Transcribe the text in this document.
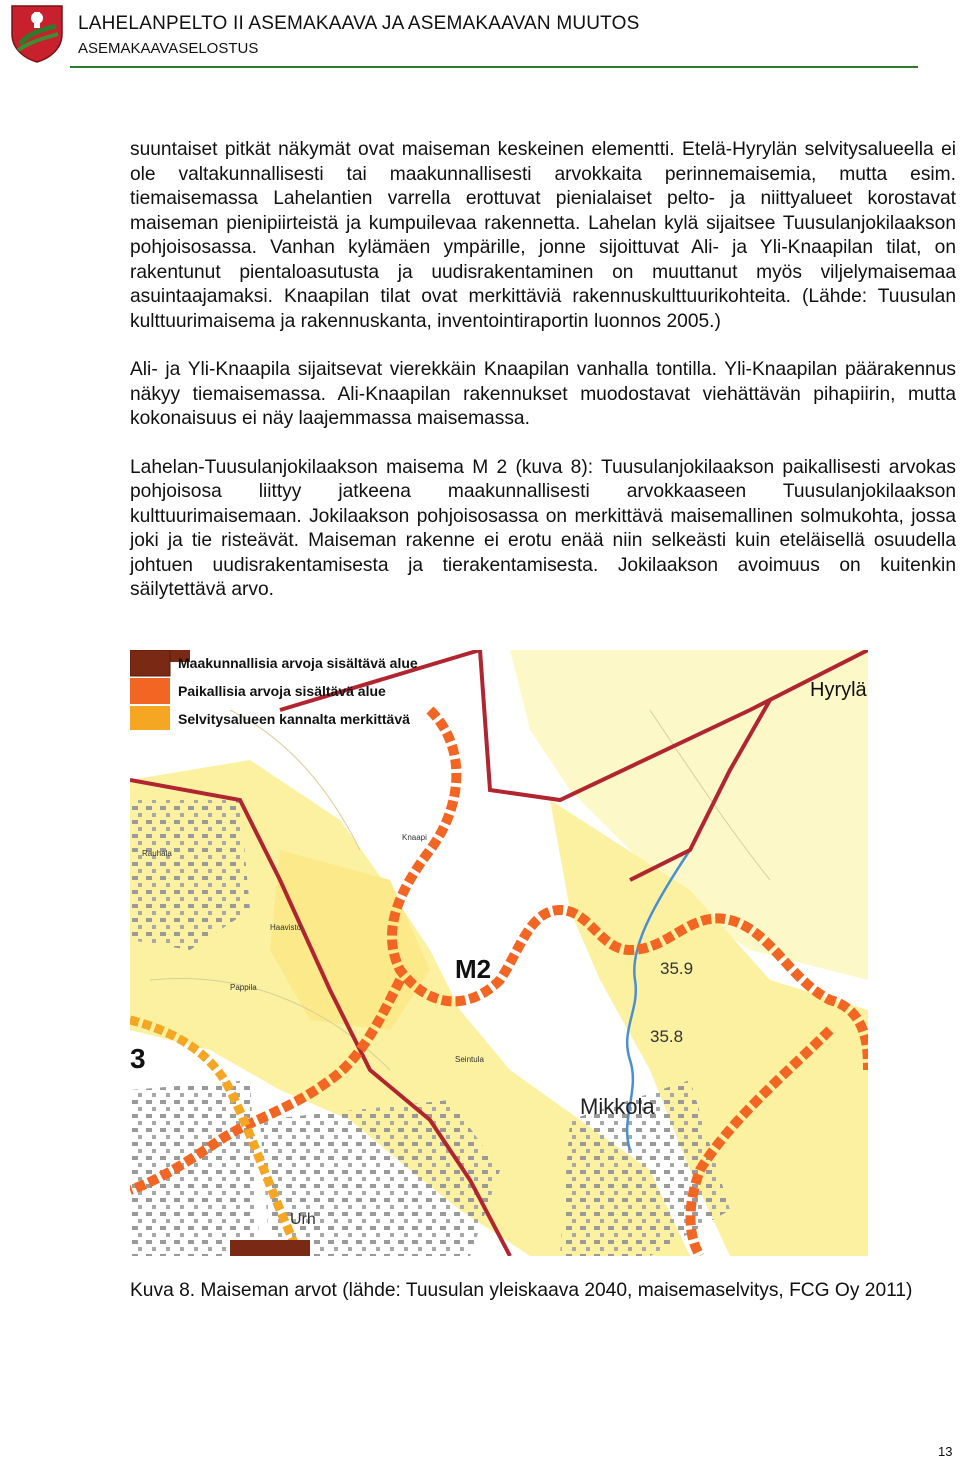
LAHELANPELTO II ASEMAKAAVA JA ASEMAKAAVAN MUUTOS
ASEMAKAAVASELOSTUS

suuntaiset pitkät näkymät ovat maiseman keskeinen elementti. Etelä-Hyrylän selvitysalueella ei ole valtakunnallisesti tai maakunnallisesti arvokkaita perinnemaisemia, mutta esim. tiemaisemassa Lahelantien varrella erottuvat pienialaiset pelto- ja niittyalueet korostavat maiseman pienipiirteistä ja kumpuilevaa rakennetta. Lahelan kylä sijaitsee Tuusulanjokilaakson pohjoisosassa. Vanhan kylämäen ympärille, jonne sijoittuvat Ali- ja Yli-Knaapilan tilat, on rakentunut pientaloasutusta ja uudisrakentaminen on muuttanut myös viljelymaisemaa asuintaajamaksi. Knaapilan tilat ovat merkittäviä rakennuskulttuurikohteita. (Lähde: Tuusulan kulttuurimaisema ja rakennuskanta, inventointiraportin luonnos 2005.)

Ali- ja Yli-Knaapila sijaitsevat vierekkäin Knaapilan vanhalla tontilla. Yli-Knaapilan päärakennus näkyy tiemaisemassa. Ali-Knaapilan rakennukset muodostavat viehättävän pihapiirin, mutta kokonaisuus ei näy laajemmassa maisemassa.

Lahelan-Tuusulanjokilaakson maisema M 2 (kuva 8): Tuusulanjokilaakson paikallisesti arvokas pohjoisosa liittyy jatkeena maakunnallisesti arvokkaaseen Tuusulanjokilaakson kulttuurimaisemaan. Jokilaakson pohjoisosassa on merkittävä maisemallinen solmukohta, jossa joki ja tie risteävät. Maiseman rakenne ei erotu enää niin selkeästi kuin eteläisellä osuudella johtuen uudisrakentamisesta ja tierakentamisesta. Jokilaakson avoimuus on kuitenkin säilytettävä arvo.

Maakunnallisia arvoja sisältävä alue
Paikallisia arvoja sisältävä alue
Selvitysalueen kannalta merkittävä
M2
3
Hyrylä
Mikkola
Urh
35.9
35.8
Rauhala
Haavisto
Knaapi
Pappila
Seintula
Kuva 8. Maiseman arvot (lähde: Tuusulan yleiskaava 2040, maisemaselvitys, FCG Oy 2011)
13
